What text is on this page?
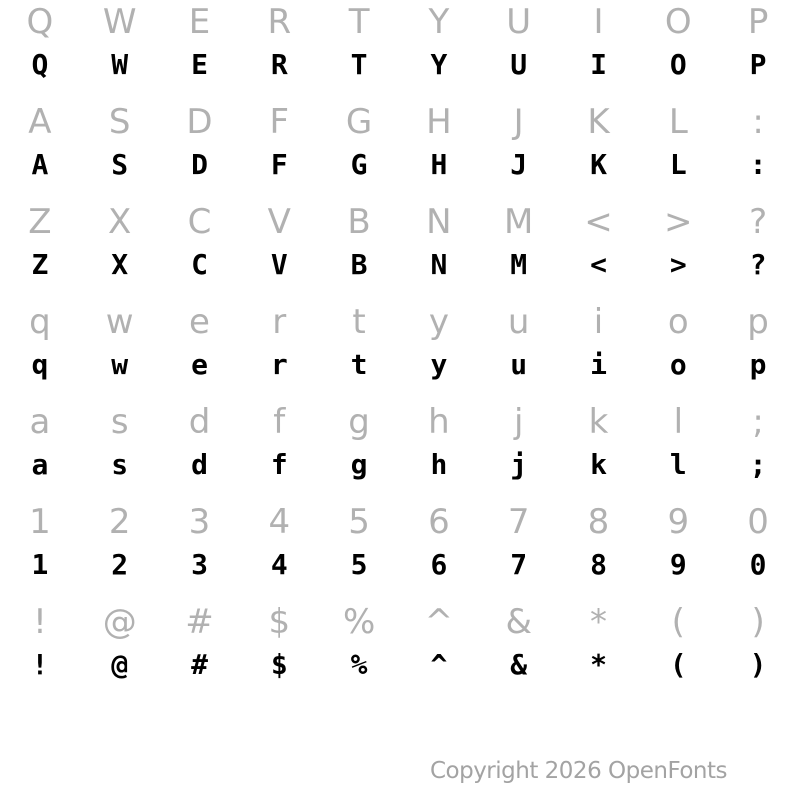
Q W E R T Y U I O P
Q W E R T Y U I O P
A S D F G H J K L :
A S D F G H J K L :
Z X C V B N M < > ?
Z X C V B N M < > ?
q w e r t y u i o p
q w e r t y u i o p
a s d f g h j k l ;
a s d f g h j k l ;
1 2 3 4 5 6 7 8 9 0
1 2 3 4 5 6 7 8 9 0
! @ # $ % ^ & * ( )
! @ # $ % ^ & * ( )
Copyright 2026 OpenFonts
